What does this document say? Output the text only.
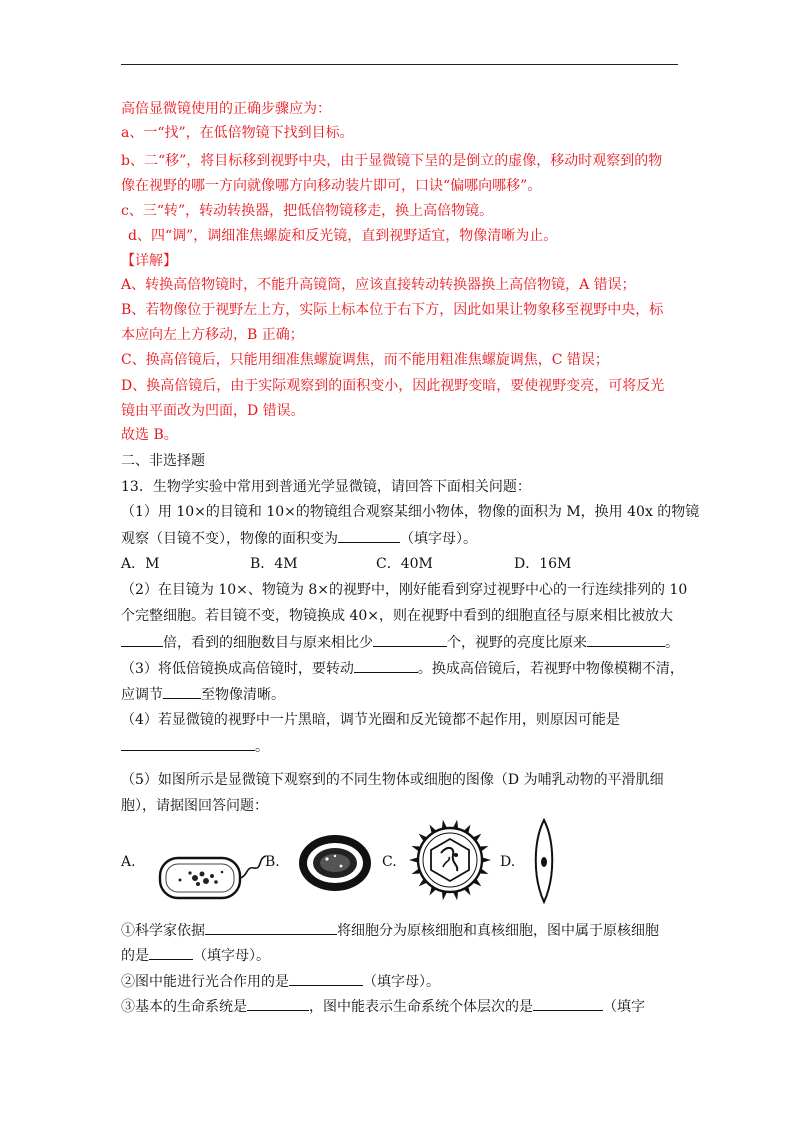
高倍显微镜使用的正确步骤应为：
a、一“找”，在低倍物镜下找到目标。
b、二“移”，将目标移到视野中央，由于显微镜下呈的是倒立的虚像，移动时观察到的物
像在视野的哪一方向就像哪方向移动装片即可，口诀“偏哪向哪移”。
c、三“转”，转动转换器，把低倍物镜移走，换上高倍物镜。
d、四“调”，调细准焦螺旋和反光镜，直到视野适宜，物像清晰为止。
【详解】
A、转换高倍物镜时，不能升高镜筒，应该直接转动转换器换上高倍物镜，A 错误；
B、若物像位于视野左上方，实际上标本位于右下方，因此如果让物象移至视野中央，标
本应向左上方移动，B 正确；
C、换高倍镜后，只能用细准焦螺旋调焦，而不能用粗准焦螺旋调焦，C 错误；
D、换高倍镜后，由于实际观察到的面积变小，因此视野变暗，要使视野变亮，可将反光
镜由平面改为凹面，D 错误。
故选 B。
二、非选择题
13．生物学实验中常用到普通光学显微镜，请回答下面相关问题：
（1）用 10×的目镜和 10×的物镜组合观察某细小物体，物像的面积为 M，换用 40x 的物镜
观察（目镜不变），物像的面积变为	（填字母）。
A．M	B．4M	C．40M	D．16M
（2）在目镜为 10×、物镜为 8×的视野中，刚好能看到穿过视野中心的一行连续排列的 10
个完整细胞。若目镜不变，物镜换成 40×，则在视野中看到的细胞直径与原来相比被放大
倍，看到的细胞数目与原来相比少	个，视野的亮度比原来	。
（3）将低倍镜换成高倍镜时，要转动	。换成高倍镜后，若视野中物像模糊不清，
应调节	至物像清晰。
（4）若显微镜的视野中一片黑暗，调节光圈和反光镜都不起作用，则原因可能是
。
（5）如图所示是显微镜下观察到的不同生物体或细胞的图像（D 为哺乳动物的平滑肌细
胞），请据图回答问题：
A.	B.	C.	D.
①科学家依据	将细胞分为原核细胞和真核细胞，图中属于原核细胞
的是	（填字母）。
②图中能进行光合作用的是	（填字母）。
③基本的生命系统是	，图中能表示生命系统个体层次的是	（填字
